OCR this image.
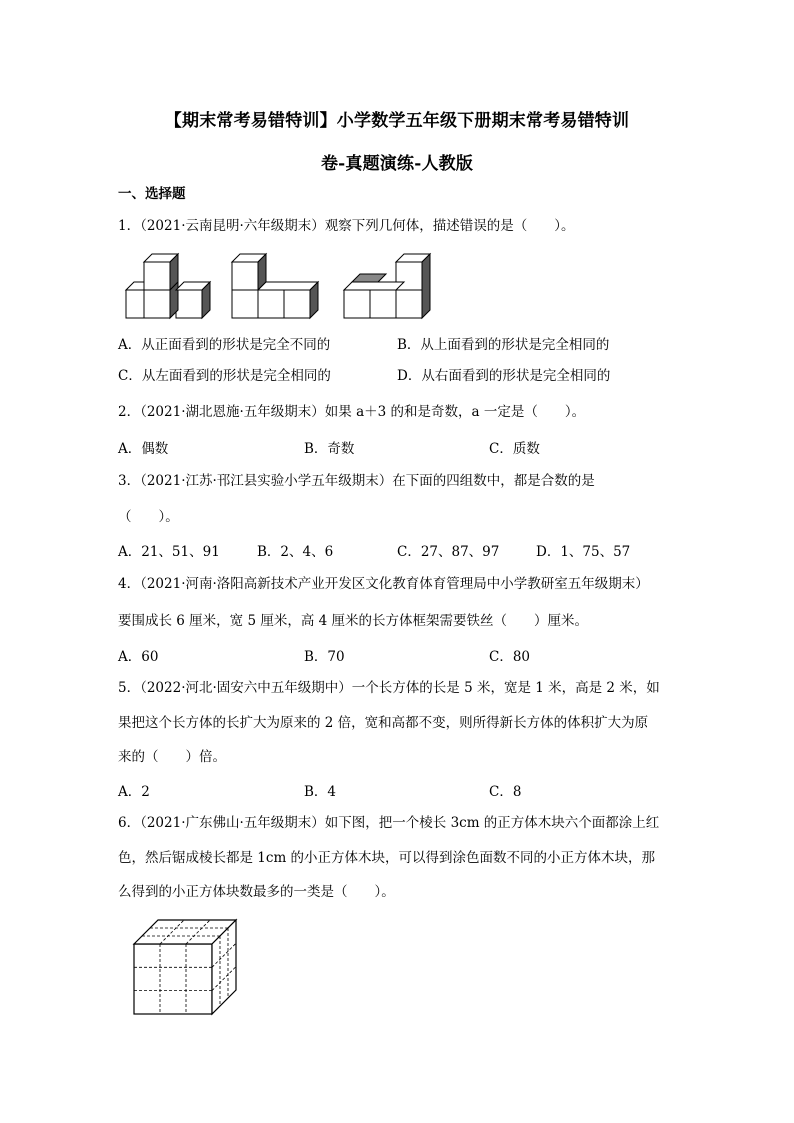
【期末常考易错特训】小学数学五年级下册期末常考易错特训
卷-真题演练-人教版
一、选择题
1．（2021·云南昆明·六年级期末）观察下列几何体，描述错误的是（　　）。
A．从正面看到的形状是完全不同的	B．从上面看到的形状是完全相同的
C．从左面看到的形状是完全相同的	D．从右面看到的形状是完全相同的
2．（2021·湖北恩施·五年级期末）如果 a＋3 的和是奇数，a 一定是（　　）。
A．偶数	B．奇数	C．质数
3．（2021·江苏·邗江县实验小学五年级期末）在下面的四组数中，都是合数的是
（　　）。
A．21、51、91	B．2、4、6	C．27、87、97	D．1、75、57
4．（2021·河南·洛阳高新技术产业开发区文化教育体育管理局中小学教研室五年级期末）
要围成长 6 厘米，宽 5 厘米，高 4 厘米的长方体框架需要铁丝（　　）厘米。
A．60	B．70	C．80
5．（2022·河北·固安六中五年级期中）一个长方体的长是 5 米，宽是 1 米，高是 2 米，如
果把这个长方体的长扩大为原来的 2 倍，宽和高都不变，则所得新长方体的体积扩大为原
来的（　　）倍。
A．2	B．4	C．8
6．（2021·广东佛山·五年级期末）如下图，把一个棱长 3cm 的正方体木块六个面都涂上红
色，然后锯成棱长都是 1cm 的小正方体木块，可以得到涂色面数不同的小正方体木块，那
么得到的小正方体块数最多的一类是（　　）。
